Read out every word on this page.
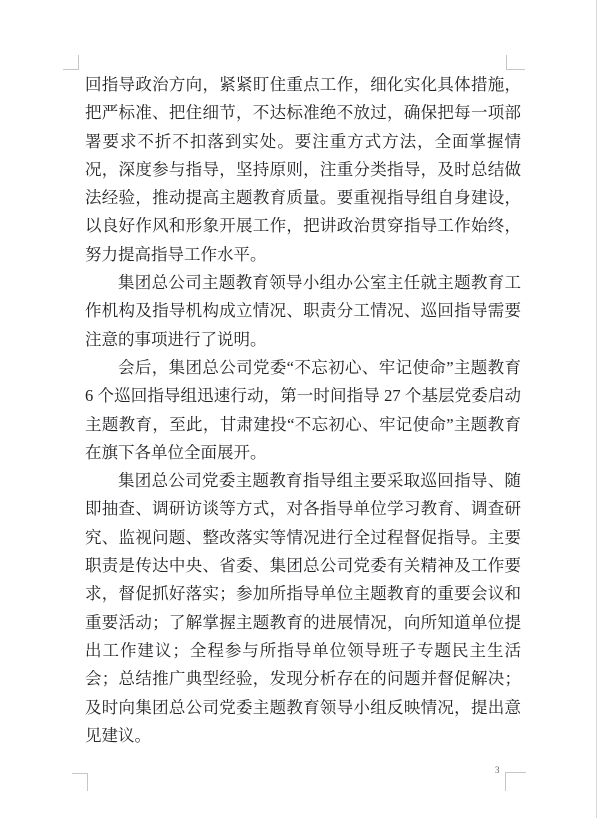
3

回指导政治方向，紧紧盯住重点工作，细化实化具体措施，把严标准、把住细节，不达标准绝不放过，确保把每一项部署要求不折不扣落到实处。要注重方式方法，全面掌握情况，深度参与指导，坚持原则，注重分类指导，及时总结做法经验，推动提高主题教育质量。要重视指导组自身建设，以良好作风和形象开展工作，把讲政治贯穿指导工作始终，努力提高指导工作水平。

集团总公司主题教育领导小组办公室主任就主题教育工作机构及指导机构成立情况、职责分工情况、巡回指导需要注意的事项进行了说明。

会后，集团总公司党委“不忘初心、牢记使命”主题教育 6 个巡回指导组迅速行动，第一时间指导 27 个基层党委启动主题教育，至此，甘肃建投“不忘初心、牢记使命”主题教育在旗下各单位全面展开。

集团总公司党委主题教育指导组主要采取巡回指导、随即抽查、调研访谈等方式，对各指导单位学习教育、调查研究、监视问题、整改落实等情况进行全过程督促指导。主要职责是传达中央、省委、集团总公司党委有关精神及工作要求，督促抓好落实；参加所指导单位主题教育的重要会议和重要活动；了解掌握主题教育的进展情况，向所知道单位提出工作建议；全程参与所指导单位领导班子专题民主生活会；总结推广典型经验，发现分析存在的问题并督促解决；及时向集团总公司党委主题教育领导小组反映情况，提出意见建议。
